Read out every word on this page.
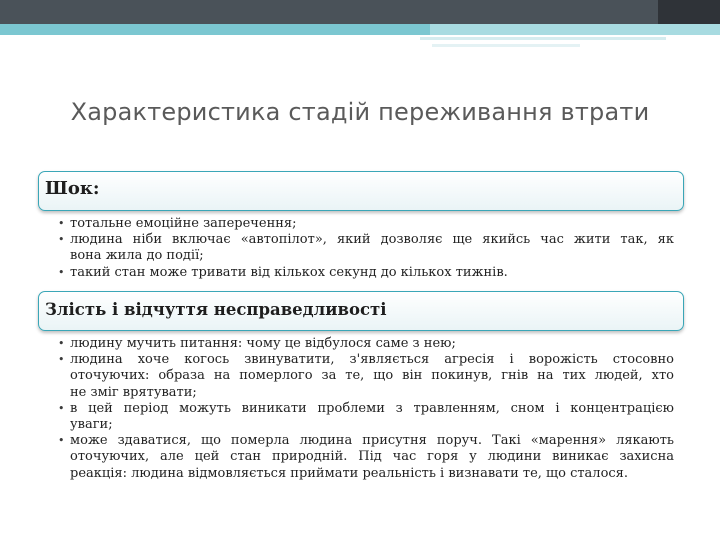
Характеристика стадій переживання втрати
Шок:
• тотальне емоційне заперечення;
• людина ніби включає «автопілот», який дозволяє ще якийсь час жити так, як
вона жила до події;
• такий стан може тривати від кількох секунд до кількох тижнів.
Злість і відчуття несправедливості
• людину мучить питання: чому це відбулося саме з нею;
• людина хоче когось звинуватити, з'являється агресія і ворожість стосовно
оточуючих: образа на померлого за те, що він покинув, гнів на тих людей, хто
не зміг врятувати;
• в цей період можуть виникати проблеми з травленням, сном і концентрацією
уваги;
• може здаватися, що померла людина присутня поруч. Такі «марення» лякають
оточуючих, але цей стан природній. Під час горя у людини виникає захисна
реакція: людина відмовляється приймати реальність і визнавати те, що сталося.
